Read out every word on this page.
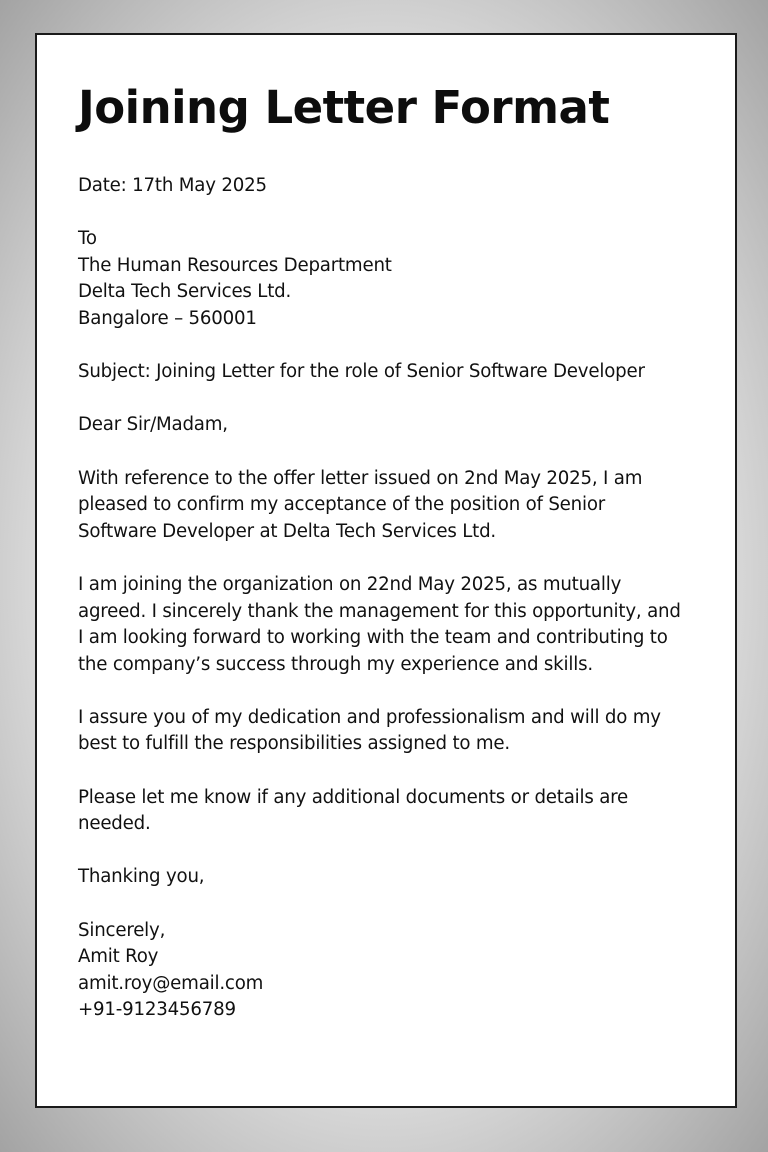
Joining Letter Format
Date: 17th May 2025
To
The Human Resources Department
Delta Tech Services Ltd.
Bangalore – 560001
Subject: Joining Letter for the role of Senior Software Developer
Dear Sir/Madam,
With reference to the offer letter issued on 2nd May 2025, I am
pleased to confirm my acceptance of the position of Senior
Software Developer at Delta Tech Services Ltd.
I am joining the organization on 22nd May 2025, as mutually
agreed. I sincerely thank the management for this opportunity, and
I am looking forward to working with the team and contributing to
the company’s success through my experience and skills.
I assure you of my dedication and professionalism and will do my
best to fulfill the responsibilities assigned to me.
Please let me know if any additional documents or details are
needed.
Thanking you,
Sincerely,
Amit Roy
amit.roy@email.com
+91-9123456789
